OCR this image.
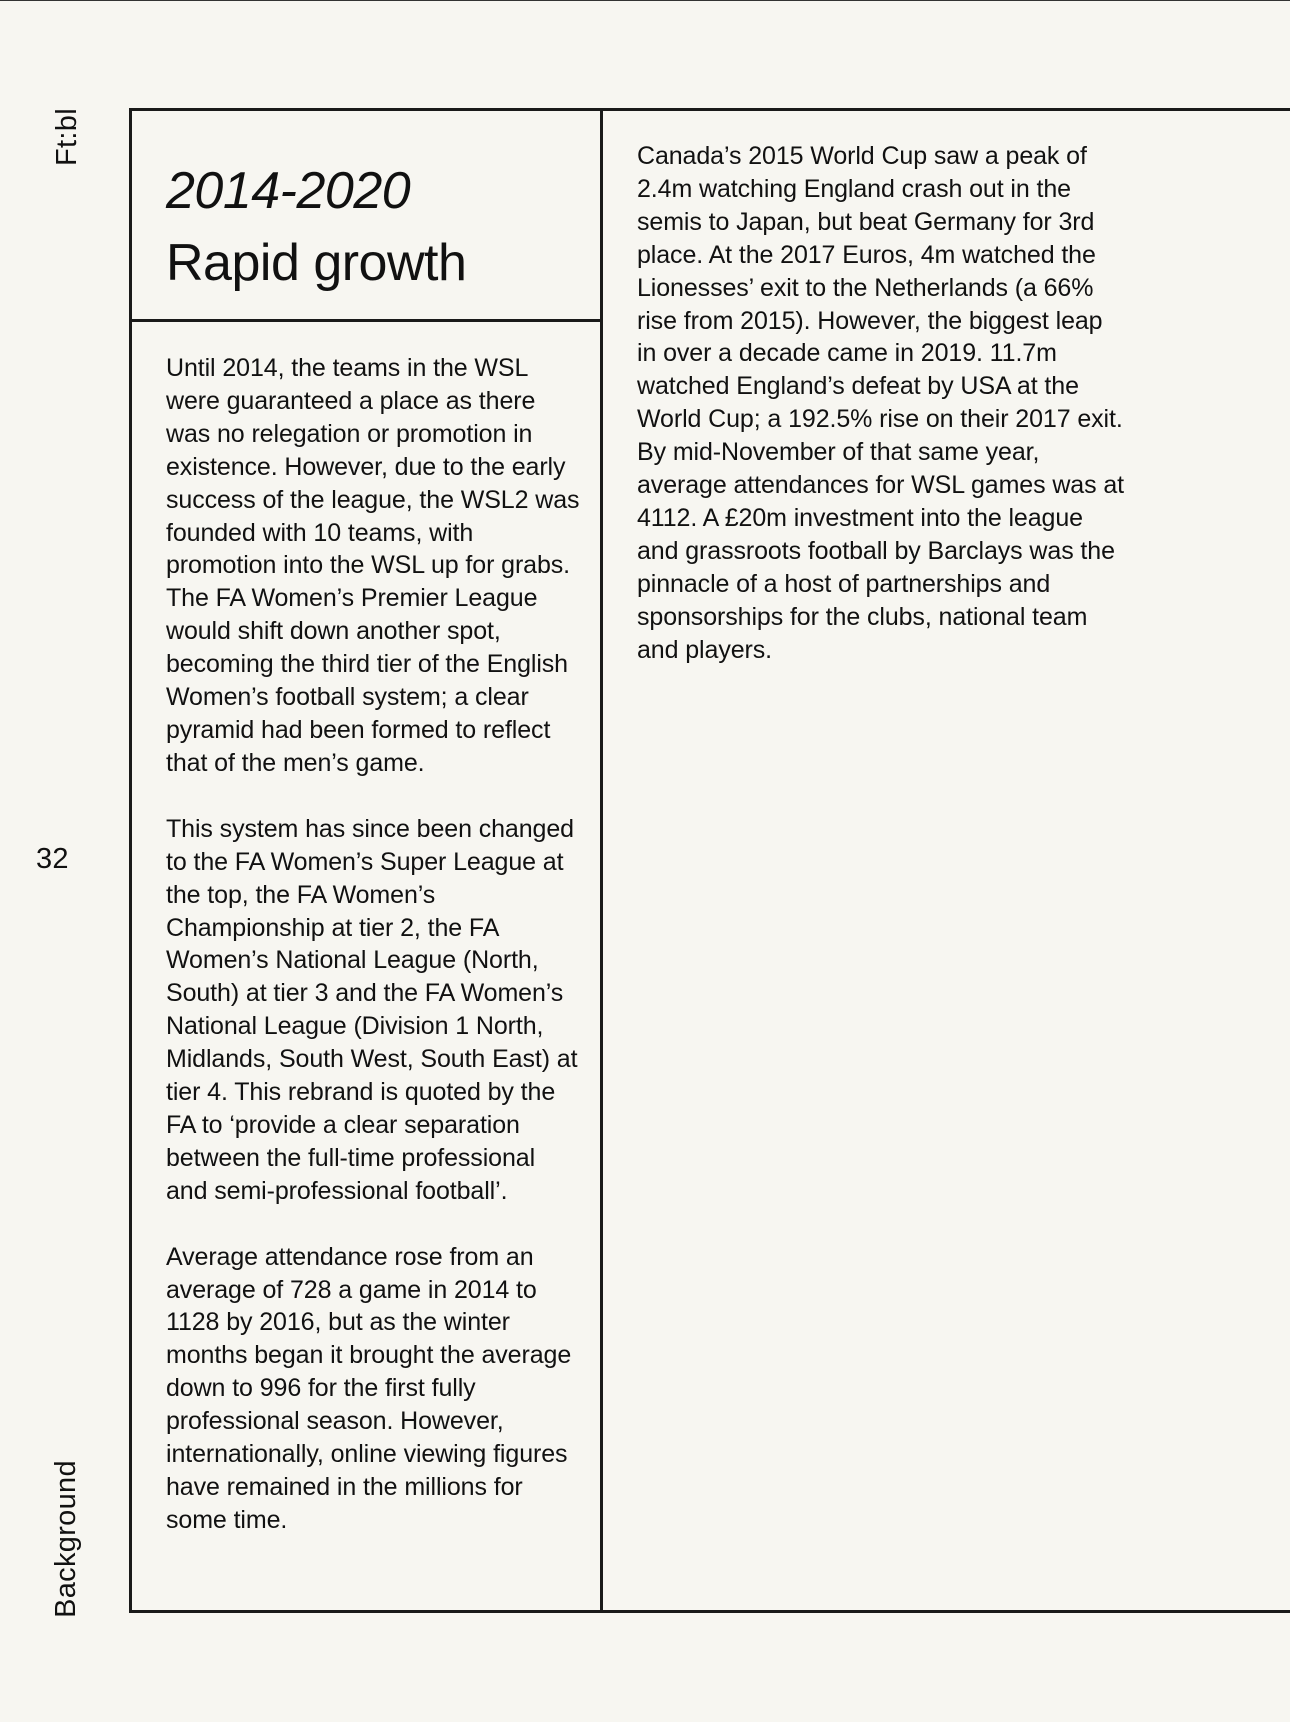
Ft:bl
32
Background

2014-2020

Rapid growth

Until 2014, the teams in the WSL were guaranteed a place as there was no relegation or promotion in existence. However, due to the early success of the league, the WSL2 was founded with 10 teams, with promotion into the WSL up for grabs. The FA Women’s Premier League would shift down another spot, becoming the third tier of the English Women’s football system; a clear pyramid had been formed to reflect that of the men’s game.

This system has since been changed to the FA Women’s Super League at the top, the FA Women’s Championship at tier 2, the FA Women’s National League (North, South) at tier 3 and the FA Women’s National League (Division 1 North, Midlands, South West, South East) at tier 4. This rebrand is quoted by the FA to ‘provide a clear separation between the full-time professional and semi-professional football’.

Average attendance rose from an average of 728 a game in 2014 to 1128 by 2016, but as the winter months began it brought the average down to 996 for the first fully professional season. However, internationally, online viewing figures have remained in the millions for some time.

Canada’s 2015 World Cup saw a peak of 2.4m watching England crash out in the semis to Japan, but beat Germany for 3rd place. At the 2017 Euros, 4m watched the Lionesses’ exit to the Netherlands (a 66% rise from 2015). However, the biggest leap in over a decade came in 2019. 11.7m watched England’s defeat by USA at the World Cup; a 192.5% rise on their 2017 exit. By mid-November of that same year, average attendances for WSL games was at 4112. A £20m investment into the league and grassroots football by Barclays was the pinnacle of a host of partnerships and sponsorships for the clubs, national team and players.
